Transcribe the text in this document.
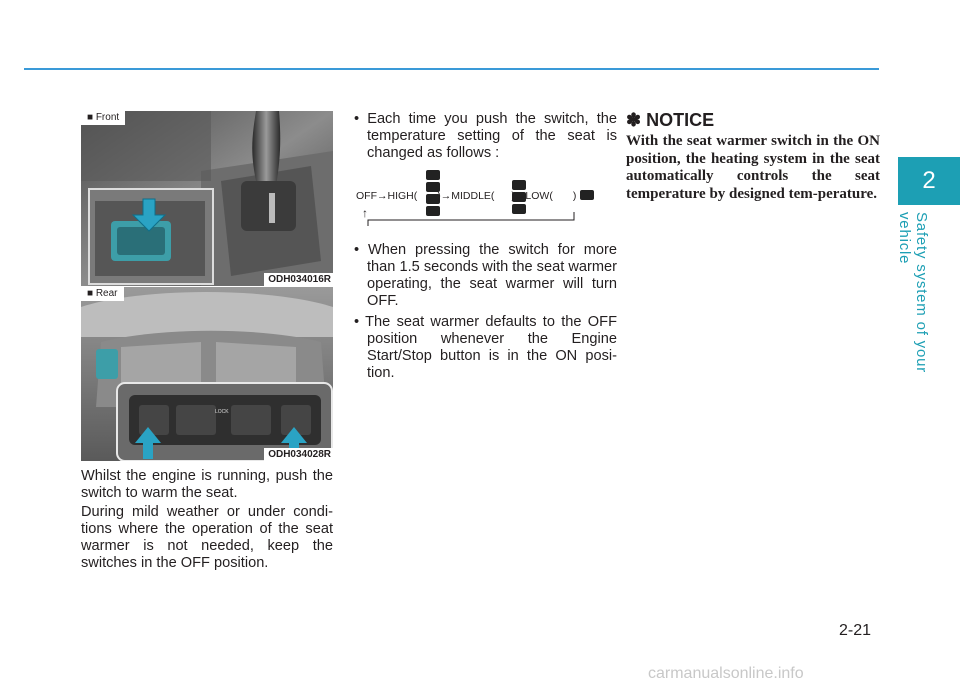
2
Safety system of your vehicle
■ Front
ODH034016R
LOCK
■ Rear
ODH034028R

Whilst the engine is running, push the switch to warm the seat.

During mild weather or under condi-tions where the operation of the seat warmer is not needed, keep the switches in the OFF position.

• Each time you push the switch, the temperature setting of the seat is changed as follows :

OFF→HIGH( )→MIDDLE( )→LOW( )
↑

• When pressing the switch for more than 1.5 seconds with the seat warmer operating, the seat warmer will turn OFF.

• The seat warmer defaults to the OFF position whenever the Engine Start/Stop button is in the ON posi-tion.

✽ NOTICE

With the seat warmer switch in the ON position, the heating system in the seat automatically controls the seat temperature by designed tem-perature.

2-21
carmanualsonline.info
